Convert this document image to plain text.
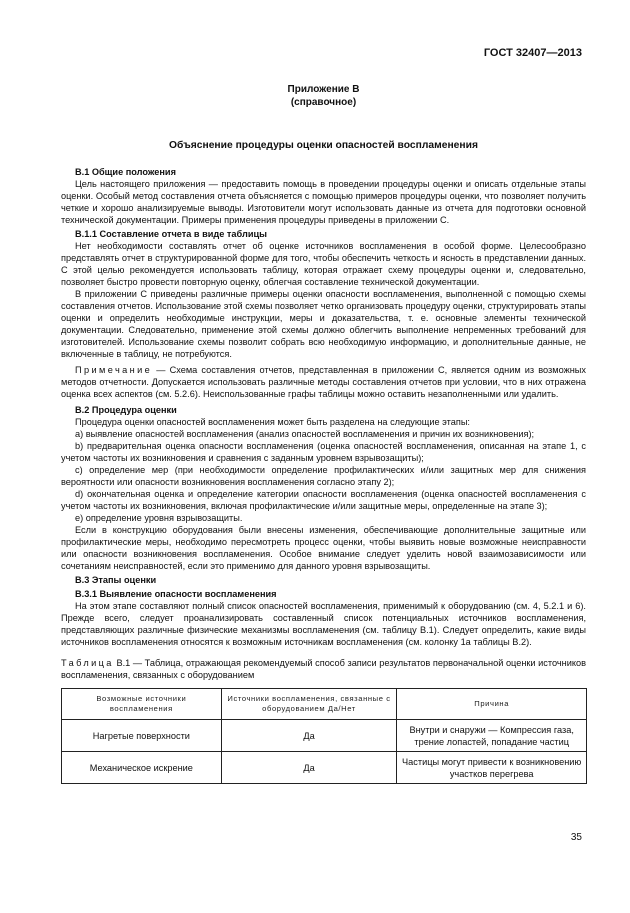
ГОСТ 32407—2013
Приложение В
(справочное)
Объяснение процедуры оценки опасностей воспламенения
В.1 Общие положения
Цель настоящего приложения — предоставить помощь в проведении процедуры оценки и описать отдельные этапы оценки. Особый метод составления отчета объясняется с помощью примеров процедуры оценки, что позволяет получить четкие и хорошо анализируемые выводы. Изготовители могут использовать данные из отчета для подготовки основной технической документации. Примеры применения процедуры приведены в приложении С.
В.1.1 Составление отчета в виде таблицы
Нет необходимости составлять отчет об оценке источников воспламенения в особой форме. Целесообразно представлять отчет в структурированной форме для того, чтобы обеспечить четкость и ясность в представлении данных. С этой целью рекомендуется использовать таблицу, которая отражает схему процедуры оценки и, следовательно, позволяет быстро провести повторную оценку, облегчая составление технической документации.
В приложении С приведены различные примеры оценки опасности воспламенения, выполненной с помощью схемы составления отчетов. Использование этой схемы позволяет четко организовать процедуру оценки, структурировать этапы оценки и определить необходимые инструкции, меры и доказательства, т. е. основные элементы технической документации. Следовательно, применение этой схемы должно облегчить выполнение непременных требований для изготовителей. Использование схемы позволит собрать всю необходимую информацию, и дополнительные данные, не включенные в таблицу, не потребуются.
Примечание — Схема составления отчетов, представленная в приложении С, является одним из возможных методов отчетности. Допускается использовать различные методы составления отчетов при условии, что в них отражена оценка всех аспектов (см. 5.2.6). Неиспользованные графы таблицы можно оставить незаполненными или удалить.
В.2 Процедура оценки
Процедура оценки опасностей воспламенения может быть разделена на следующие этапы:
a) выявление опасностей воспламенения (анализ опасностей воспламенения и причин их возникновения);
b) предварительная оценка опасности воспламенения (оценка опасностей воспламенения, описанная на этапе 1, с учетом частоты их возникновения и сравнения с заданным уровнем взрывозащиты);
c) определение мер (при необходимости определение профилактических и/или защитных мер для снижения вероятности или опасности возникновения воспламенения согласно этапу 2);
d) окончательная оценка и определение категории опасности воспламенения (оценка опасностей воспламенения с учетом частоты их возникновения, включая профилактические и/или защитные меры, определенные на этапе 3);
e) определение уровня взрывозащиты.
Если в конструкцию оборудования были внесены изменения, обеспечивающие дополнительные защитные или профилактические меры, необходимо пересмотреть процесс оценки, чтобы выявить новые возможные неисправности или опасности возникновения воспламенения. Особое внимание следует уделить новой взаимозависимости или сочетаниям неисправностей, если это применимо для данного уровня взрывозащиты.
В.3 Этапы оценки
В.3.1 Выявление опасности воспламенения
На этом этапе составляют полный список опасностей воспламенения, применимый к оборудованию (см. 4, 5.2.1 и 6). Прежде всего, следует проанализировать составленный список потенциальных источников воспламенения, представляющих различные физические механизмы воспламенения (см. таблицу В.1). Следует определить, какие виды источников воспламенения относятся к возможным источникам воспламенения (см. колонку 1а таблицы В.2).
Таблица В.1 — Таблица, отражающая рекомендуемый способ записи результатов первоначальной оценки источников воспламенения, связанных с оборудованием
Возможные источники воспламенения	Источники воспламенения, связанные с оборудованием Да/Нет	Причина
Нагретые поверхности	Да	Внутри и снаружи — Компрессия газа, трение лопастей, попадание частиц
Механическое искрение	Да	Частицы могут привести к возникновению участков перегрева
35
